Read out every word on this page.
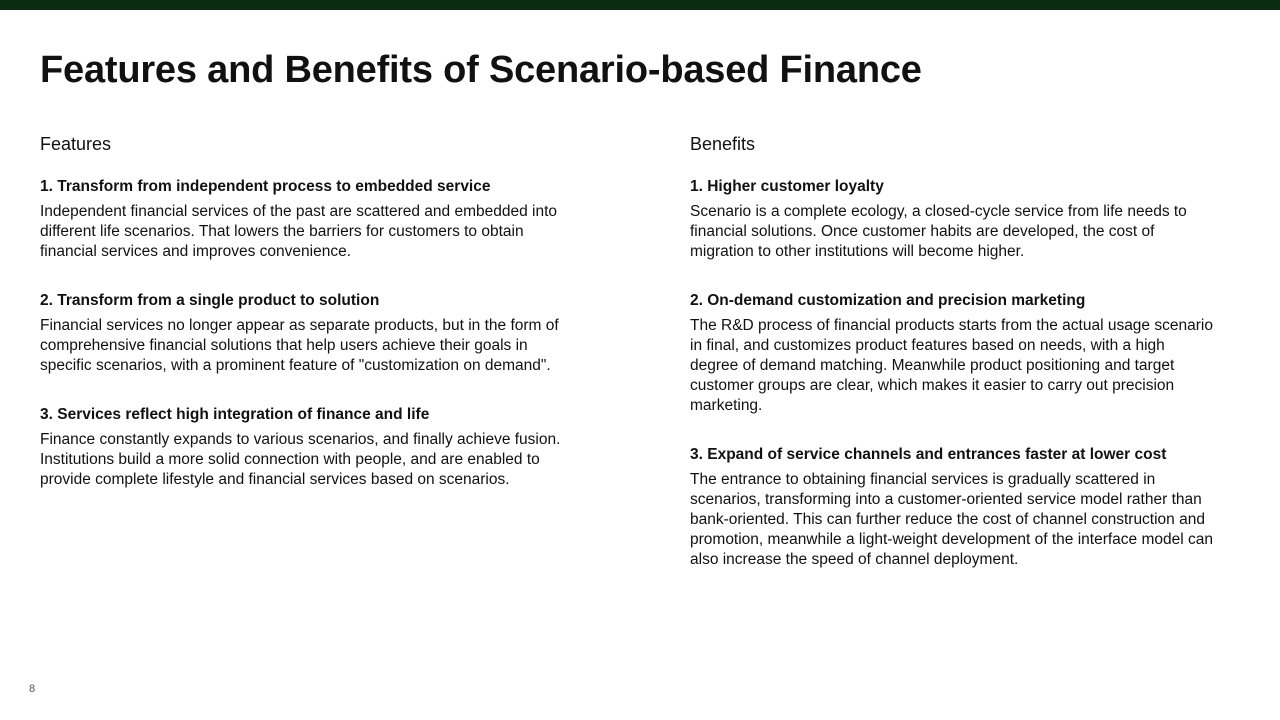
Features and Benefits of Scenario-based Finance
Features

1. Transform from independent process to embedded service

Independent financial services of the past are scattered and embedded into different life scenarios. That lowers the barriers for customers to obtain financial services and improves convenience.

2. Transform from a single product to solution

Financial services no longer appear as separate products, but in the form of comprehensive financial solutions that help users achieve their goals in specific scenarios, with a prominent feature of "customization on demand".

3. Services reflect high integration of finance and life

Finance constantly expands to various scenarios, and finally achieve fusion. Institutions build a more solid connection with people, and are enabled to provide complete lifestyle and financial services based on scenarios.

Benefits

1. Higher customer loyalty

Scenario is a complete ecology, a closed-cycle service from life needs to financial solutions. Once customer habits are developed, the cost of migration to other institutions will become higher.

2. On-demand customization and precision marketing

The R&D process of financial products starts from the actual usage scenario in final, and customizes product features based on needs, with a high degree of demand matching. Meanwhile product positioning and target customer groups are clear, which makes it easier to carry out precision marketing.

3. Expand of service channels and entrances faster at lower cost

The entrance to obtaining financial services is gradually scattered in scenarios, transforming into a customer-oriented service model rather than bank-oriented. This can further reduce the cost of channel construction and promotion, meanwhile a light-weight development of the interface model can also increase the speed of channel deployment.

8
